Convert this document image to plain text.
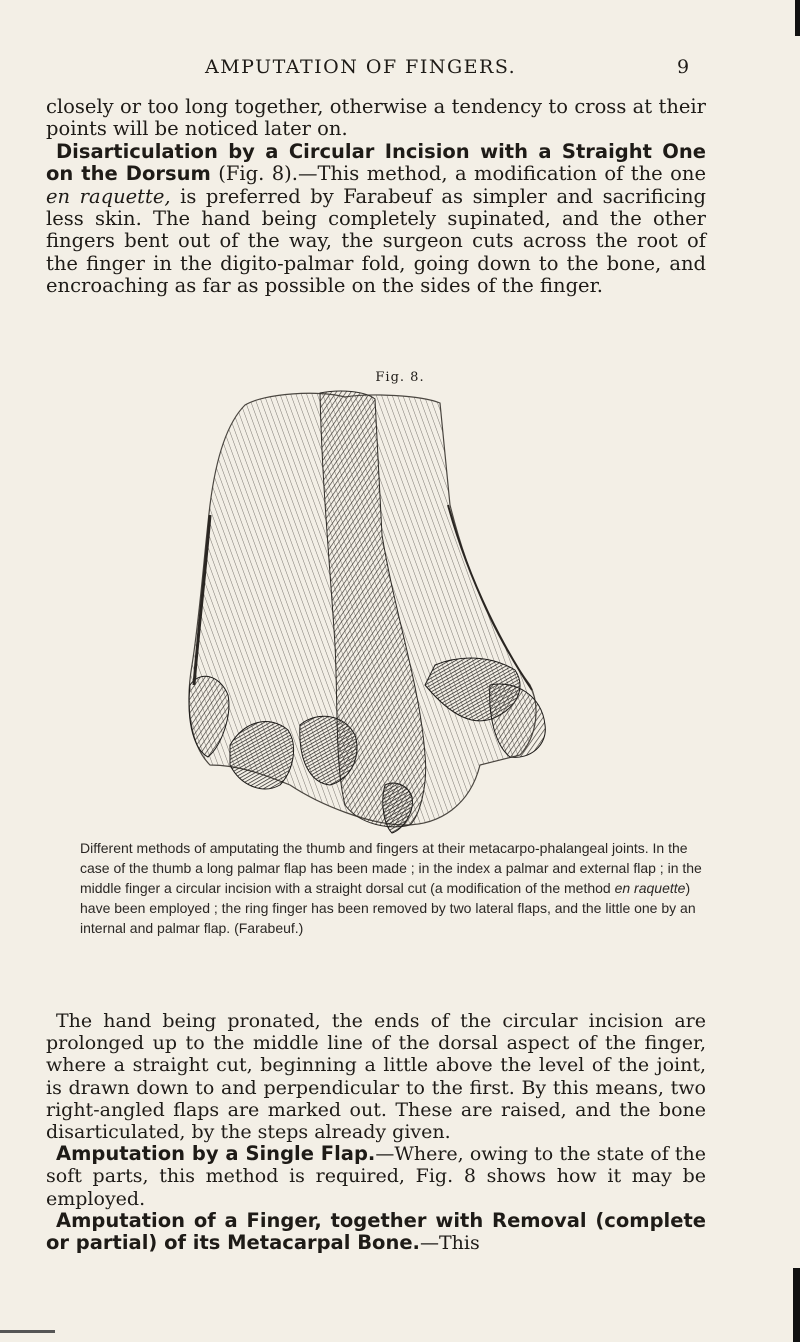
AMPUTATION OF FINGERS.	9

closely or too long together, otherwise a tendency to cross at their points will be noticed later on.

Disarticulation by a Circular Incision with a Straight One on the Dorsum (Fig. 8).—This method, a modification of the one en raquette, is preferred by Farabeuf as simpler and sacrificing less skin. The hand being completely supinated, and the other fingers bent out of the way, the surgeon cuts across the root of the finger in the digito-palmar fold, going down to the bone, and encroaching as far as possible on the sides of the finger.

Fig. 8.

Different methods of amputating the thumb and fingers at their metacarpo-phalangeal joints. In the case of the thumb a long palmar flap has been made ; in the index a palmar and external flap ; in the middle finger a circular incision with a straight dorsal cut (a modification of the method en raquette) have been employed ; the ring finger has been removed by two lateral flaps, and the little one by an internal and palmar flap. (Farabeuf.)

The hand being pronated, the ends of the circular incision are prolonged up to the middle line of the dorsal aspect of the finger, where a straight cut, beginning a little above the level of the joint, is drawn down to and perpendicular to the first. By this means, two right-angled flaps are marked out. These are raised, and the bone disarticulated, by the steps already given.

Amputation by a Single Flap.—Where, owing to the state of the soft parts, this method is required, Fig. 8 shows how it may be employed.

Amputation of a Finger, together with Removal (complete or partial) of its Metacarpal Bone.—This
